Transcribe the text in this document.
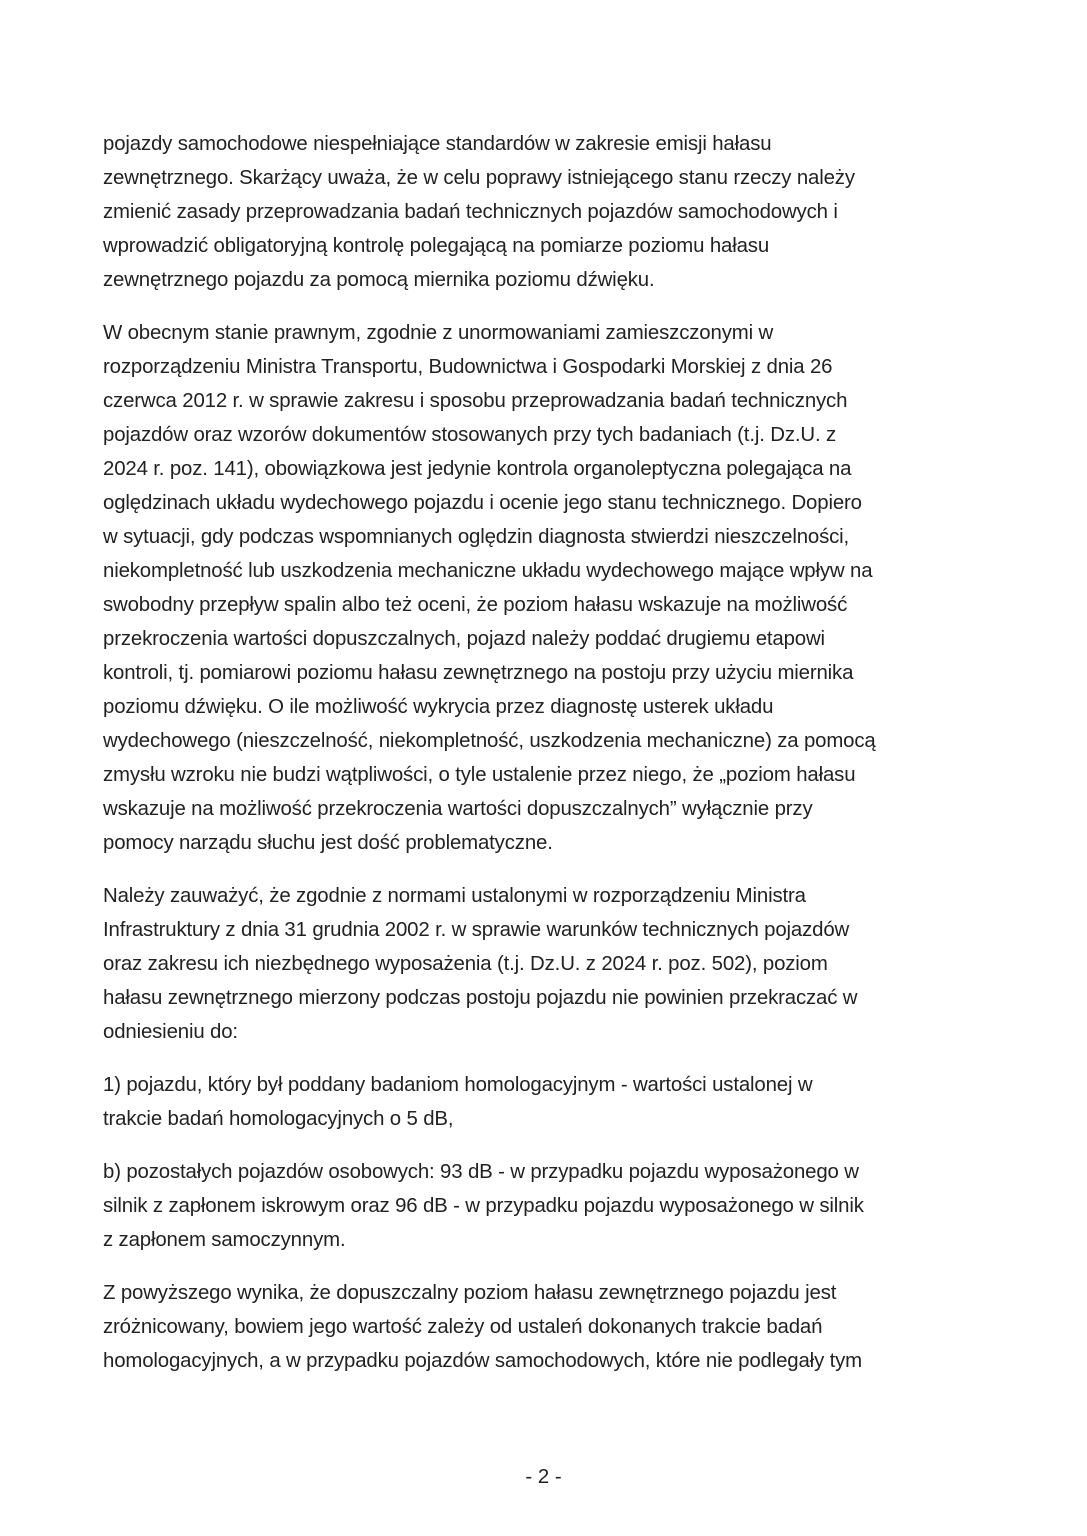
pojazdy samochodowe niespełniające standardów w zakresie emisji hałasu
zewnętrznego. Skarżący uważa, że w celu poprawy istniejącego stanu rzeczy należy
zmienić zasady przeprowadzania badań technicznych pojazdów samochodowych i
wprowadzić obligatoryjną kontrolę polegającą na pomiarze poziomu hałasu
zewnętrznego pojazdu za pomocą miernika poziomu dźwięku.

W obecnym stanie prawnym, zgodnie z unormowaniami zamieszczonymi w
rozporządzeniu Ministra Transportu, Budownictwa i Gospodarki Morskiej z dnia 26
czerwca 2012 r. w sprawie zakresu i sposobu przeprowadzania badań technicznych
pojazdów oraz wzorów dokumentów stosowanych przy tych badaniach (t.j. Dz.U. z
2024 r. poz. 141), obowiązkowa jest jedynie kontrola organoleptyczna polegająca na
oględzinach układu wydechowego pojazdu i ocenie jego stanu technicznego. Dopiero
w sytuacji, gdy podczas wspomnianych oględzin diagnosta stwierdzi nieszczelności,
niekompletność lub uszkodzenia mechaniczne układu wydechowego mające wpływ na
swobodny przepływ spalin albo też oceni, że poziom hałasu wskazuje na możliwość
przekroczenia wartości dopuszczalnych, pojazd należy poddać drugiemu etapowi
kontroli, tj. pomiarowi poziomu hałasu zewnętrznego na postoju przy użyciu miernika
poziomu dźwięku. O ile możliwość wykrycia przez diagnostę usterek układu
wydechowego (nieszczelność, niekompletność, uszkodzenia mechaniczne) za pomocą
zmysłu wzroku nie budzi wątpliwości, o tyle ustalenie przez niego, że „poziom hałasu
wskazuje na możliwość przekroczenia wartości dopuszczalnych” wyłącznie przy
pomocy narządu słuchu jest dość problematyczne.

Należy zauważyć, że zgodnie z normami ustalonymi w rozporządzeniu Ministra
Infrastruktury z dnia 31 grudnia 2002 r. w sprawie warunków technicznych pojazdów
oraz zakresu ich niezbędnego wyposażenia (t.j. Dz.U. z 2024 r. poz. 502), poziom
hałasu zewnętrznego mierzony podczas postoju pojazdu nie powinien przekraczać w
odniesieniu do:

1) pojazdu, który był poddany badaniom homologacyjnym - wartości ustalonej w
trakcie badań homologacyjnych o 5 dB,

b) pozostałych pojazdów osobowych: 93 dB - w przypadku pojazdu wyposażonego w
silnik z zapłonem iskrowym oraz 96 dB - w przypadku pojazdu wyposażonego w silnik
z zapłonem samoczynnym.

Z powyższego wynika, że dopuszczalny poziom hałasu zewnętrznego pojazdu jest
zróżnicowany, bowiem jego wartość zależy od ustaleń dokonanych trakcie badań
homologacyjnych, a w przypadku pojazdów samochodowych, które nie podlegały tym

- 2 -
